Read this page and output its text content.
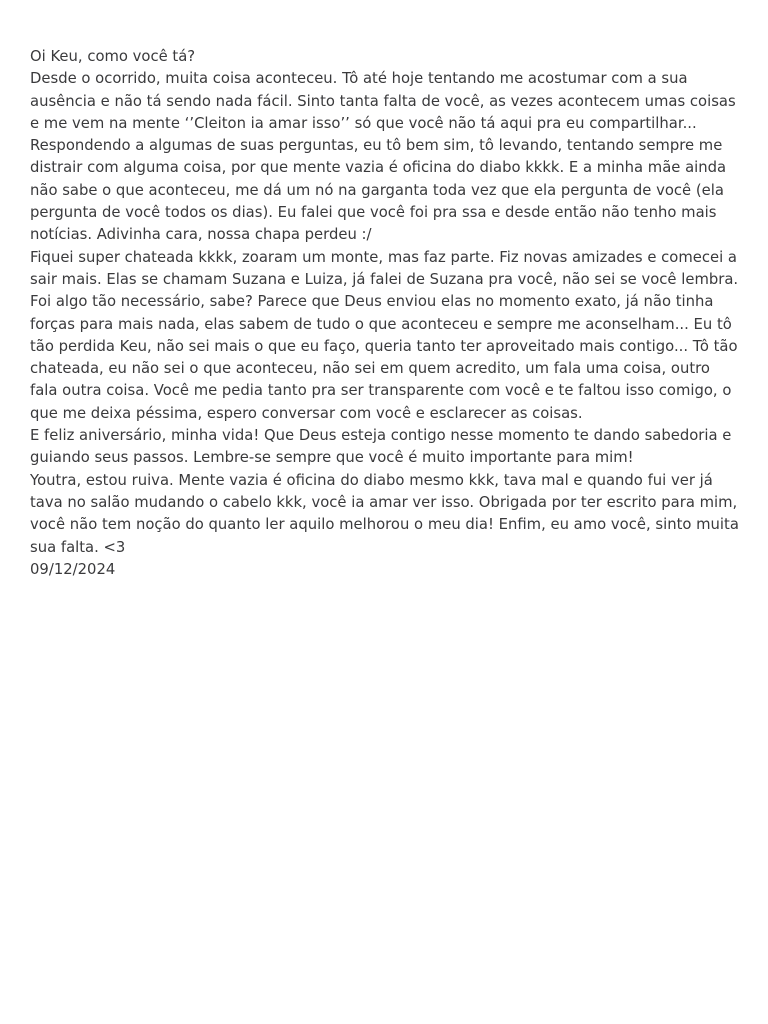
Oi Keu, como você tá?

Desde o ocorrido, muita coisa aconteceu. Tô até hoje tentando me acostumar com a sua ausência e não tá sendo nada fácil. Sinto tanta falta de você, as vezes acontecem umas coisas e me vem na mente ‘’Cleiton ia amar isso’’ só que você não tá aqui pra eu compartilhar...

Respondendo a algumas de suas perguntas, eu tô bem sim, tô levando, tentando sempre me distrair com alguma coisa, por que mente vazia é oficina do diabo kkkk. E a minha mãe ainda não sabe o que aconteceu, me dá um nó na garganta toda vez que ela pergunta de você (ela pergunta de você todos os dias). Eu falei que você foi pra ssa e desde então não tenho mais notícias. Adivinha cara, nossa chapa perdeu :/

Fiquei super chateada kkkk, zoaram um monte, mas faz parte. Fiz novas amizades e comecei a sair mais. Elas se chamam Suzana e Luiza, já falei de Suzana pra você, não sei se você lembra. Foi algo tão necessário, sabe? Parece que Deus enviou elas no momento exato, já não tinha forças para mais nada, elas sabem de tudo o que aconteceu e sempre me aconselham... Eu tô tão perdida Keu, não sei mais o que eu faço, queria tanto ter aproveitado mais contigo... Tô tão chateada, eu não sei o que aconteceu, não sei em quem acredito, um fala uma coisa, outro fala outra coisa. Você me pedia tanto pra ser transparente com você e te faltou isso comigo, o que me deixa péssima, espero conversar com você e esclarecer as coisas.

E feliz aniversário, minha vida! Que Deus esteja contigo nesse momento te dando sabedoria e guiando seus passos. Lembre-se sempre que você é muito importante para mim!

Youtra, estou ruiva. Mente vazia é oficina do diabo mesmo kkk, tava mal e quando fui ver já tava no salão mudando o cabelo kkk, você ia amar ver isso. Obrigada por ter escrito para mim, você não tem noção do quanto ler aquilo melhorou o meu dia! Enfim, eu amo você, sinto muita sua falta. <3

09/12/2024
